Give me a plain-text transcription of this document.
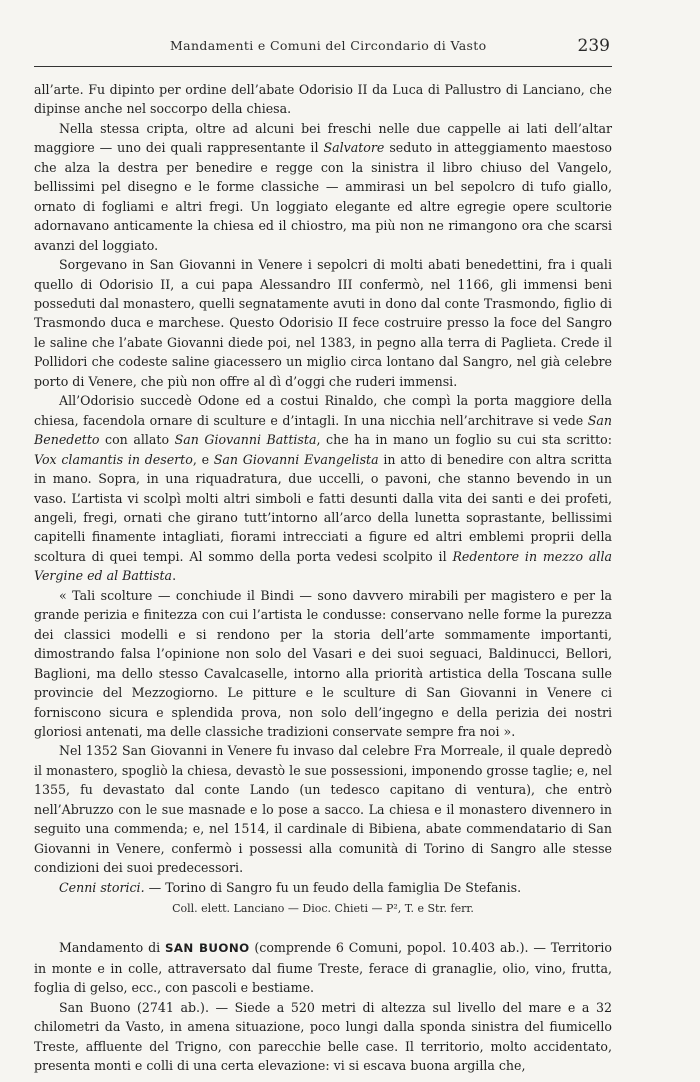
Mandamenti e Comuni del Circondario di Vasto	239

all’arte. Fu dipinto per ordine dell’abate Odorisio II da Luca di Pallustro di Lanciano, che dipinse anche nel soccorpo della chiesa.

Nella stessa cripta, oltre ad alcuni bei freschi nelle due cappelle ai lati dell’altar maggiore — uno dei quali rappresentante il Salvatore seduto in atteggiamento maestoso che alza la destra per benedire e regge con la sinistra il libro chiuso del Vangelo, bellissimi pel disegno e le forme classiche — ammirasi un bel sepolcro di tufo giallo, ornato di fogliami e altri fregi. Un loggiato elegante ed altre egregie opere scultorie adornavano anticamente la chiesa ed il chiostro, ma più non ne rimangono ora che scarsi avanzi del loggiato.

Sorgevano in San Giovanni in Venere i sepolcri di molti abati benedettini, fra i quali quello di Odorisio II, a cui papa Alessandro III confermò, nel 1166, gli immensi beni posseduti dal monastero, quelli segnatamente avuti in dono dal conte Trasmondo, figlio di Trasmondo duca e marchese. Questo Odorisio II fece costruire presso la foce del Sangro le saline che l’abate Giovanni diede poi, nel 1383, in pegno alla terra di Paglieta. Crede il Pollidori che codeste saline giacessero un miglio circa lontano dal Sangro, nel già celebre porto di Venere, che più non offre al dì d’oggi che ruderi immensi.

All’Odorisio succedè Odone ed a costui Rinaldo, che compì la porta maggiore della chiesa, facendola ornare di sculture e d’intagli. In una nicchia nell’architrave si vede San Benedetto con allato San Giovanni Battista, che ha in mano un foglio su cui sta scritto: Vox clamantis in deserto, e San Giovanni Evangelista in atto di benedire con altra scritta in mano. Sopra, in una riquadratura, due uccelli, o pavoni, che stanno bevendo in un vaso. L’artista vi scolpì molti altri simboli e fatti desunti dalla vita dei santi e dei profeti, angeli, fregi, ornati che girano tutt’intorno all’arco della lunetta soprastante, bellissimi capitelli finamente intagliati, fiorami intrecciati a figure ed altri emblemi proprii della scoltura di quei tempi. Al sommo della porta vedesi scolpito il Redentore in mezzo alla Vergine ed al Battista.

« Tali scolture — conchiude il Bindi — sono davvero mirabili per magistero e per la grande perizia e finitezza con cui l’artista le condusse: conservano nelle forme la purezza dei classici modelli e si rendono per la storia dell’arte sommamente importanti, dimostrando falsa l’opinione non solo del Vasari e dei suoi seguaci, Baldinucci, Bellori, Baglioni, ma dello stesso Cavalcaselle, intorno alla priorità artistica della Toscana sulle provincie del Mezzogiorno. Le pitture e le sculture di San Giovanni in Venere ci forniscono sicura e splendida prova, non solo dell’ingegno e della perizia dei nostri gloriosi antenati, ma delle classiche tradizioni conservate sempre fra noi ».

Nel 1352 San Giovanni in Venere fu invaso dal celebre Fra Morreale, il quale depredò il monastero, spogliò la chiesa, devastò le sue possessioni, imponendo grosse taglie; e, nel 1355, fu devastato dal conte Lando (un tedesco capitano di ventura), che entrò nell’Abruzzo con le sue masnade e lo pose a sacco. La chiesa e il monastero divennero in seguito una commenda; e, nel 1514, il cardinale di Bibiena, abate commendatario di San Giovanni in Venere, confermò i possessi alla comunità di Torino di Sangro alle stesse condizioni dei suoi predecessori.

Cenni storici. — Torino di Sangro fu un feudo della famiglia De Stefanis.

Coll. elett. Lanciano — Dioc. Chieti — P², T. e Str. ferr.

Mandamento di SAN BUONO (comprende 6 Comuni, popol. 10.403 ab.). — Territorio in monte e in colle, attraversato dal fiume Treste, ferace di granaglie, olio, vino, frutta, foglia di gelso, ecc., con pascoli e bestiame.

San Buono (2741 ab.). — Siede a 520 metri di altezza sul livello del mare e a 32 chilometri da Vasto, in amena situazione, poco lungi dalla sponda sinistra del fiumicello Treste, affluente del Trigno, con parecchie belle case. Il territorio, molto accidentato, presenta monti e colli di una certa elevazione: vi si escava buona argilla che,
